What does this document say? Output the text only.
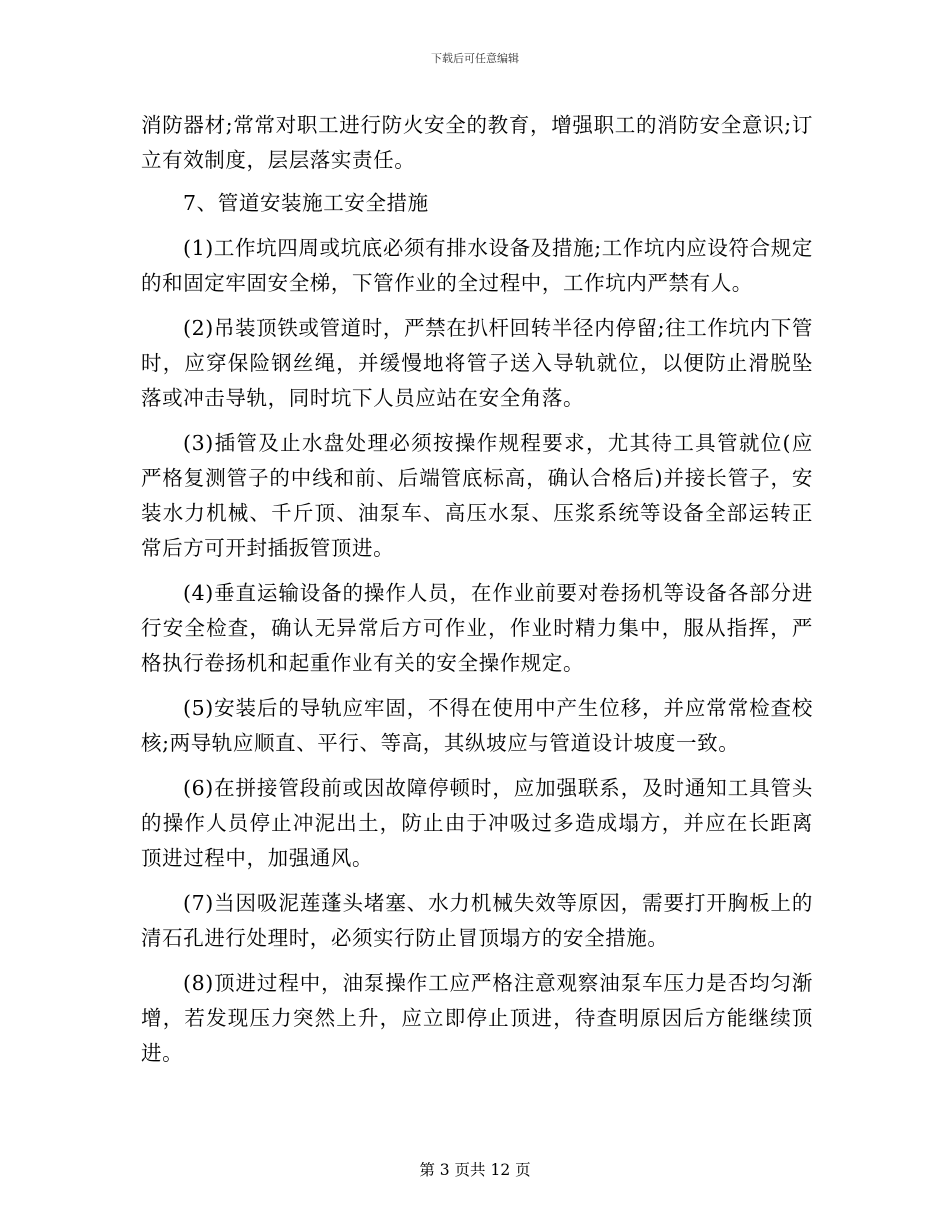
下载后可任意编辑

消防器材;常常对职工进行防火安全的教育，增强职工的消防安全意识;订立有效制度，层层落实责任。

7、管道安装施工安全措施

(1)工作坑四周或坑底必须有排水设备及措施;工作坑内应设符合规定的和固定牢固安全梯，下管作业的全过程中，工作坑内严禁有人。

(2)吊装顶铁或管道时，严禁在扒杆回转半径内停留;往工作坑内下管时，应穿保险钢丝绳，并缓慢地将管子送入导轨就位，以便防止滑脱坠落或冲击导轨，同时坑下人员应站在安全角落。

(3)插管及止水盘处理必须按操作规程要求，尤其待工具管就位(应严格复测管子的中线和前、后端管底标高，确认合格后)并接长管子，安装水力机械、千斤顶、油泵车、高压水泵、压浆系统等设备全部运转正常后方可开封插扳管顶进。

(4)垂直运输设备的操作人员，在作业前要对卷扬机等设备各部分进行安全检查，确认无异常后方可作业，作业时精力集中，服从指挥，严格执行卷扬机和起重作业有关的安全操作规定。

(5)安装后的导轨应牢固，不得在使用中产生位移，并应常常检查校核;两导轨应顺直、平行、等高，其纵坡应与管道设计坡度一致。

(6)在拼接管段前或因故障停顿时，应加强联系，及时通知工具管头的操作人员停止冲泥出土，防止由于冲吸过多造成塌方，并应在长距离顶进过程中，加强通风。

(7)当因吸泥莲蓬头堵塞、水力机械失效等原因，需要打开胸板上的清石孔进行处理时，必须实行防止冒顶塌方的安全措施。

(8)顶进过程中，油泵操作工应严格注意观察油泵车压力是否均匀渐增，若发现压力突然上升，应立即停止顶进，待查明原因后方能继续顶进。

第 3 页共 12 页
